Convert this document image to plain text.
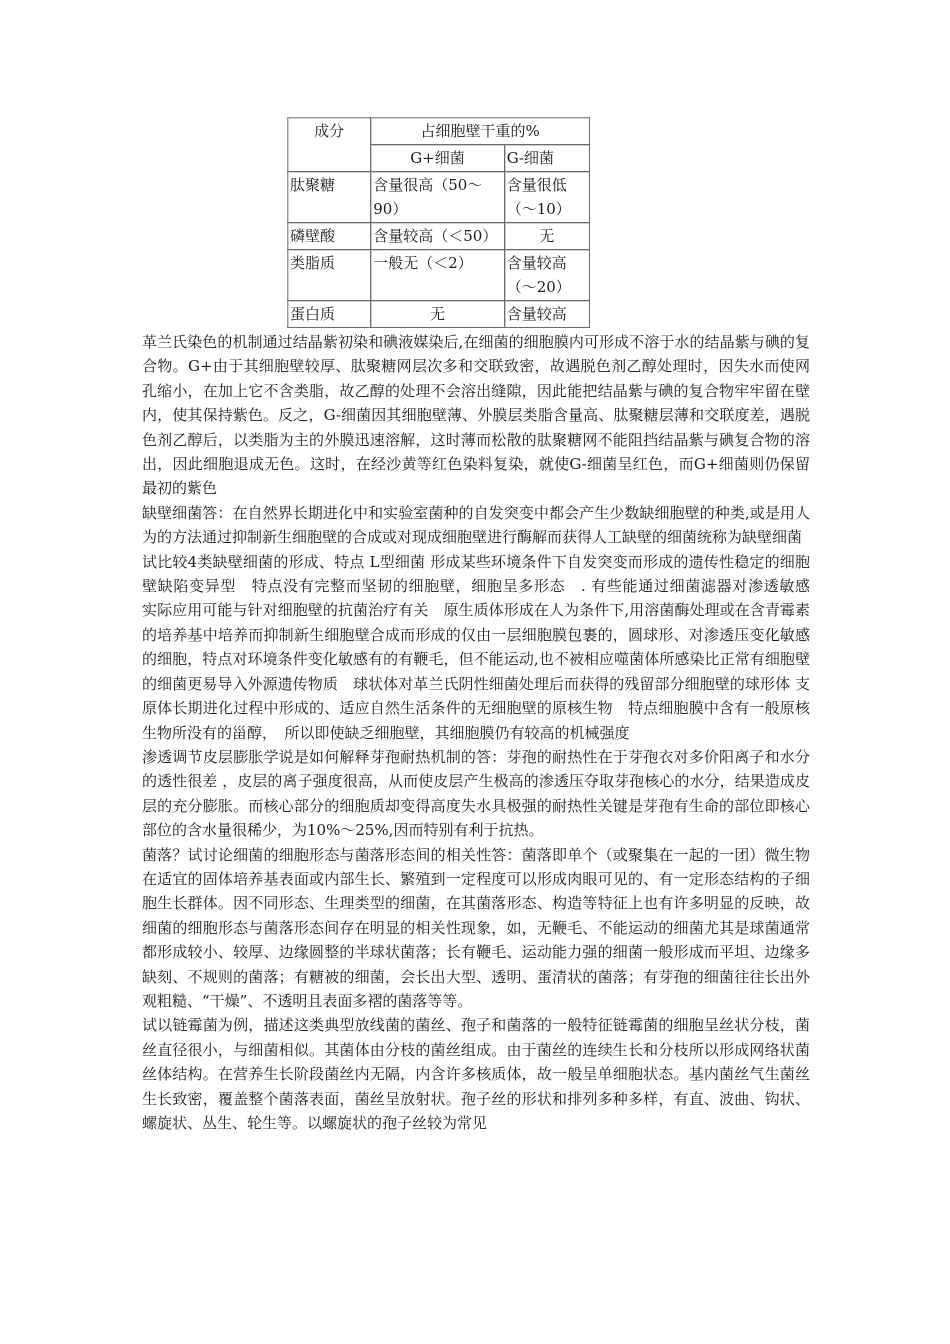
成分	占细胞壁干重的%	
	G+细菌	G-细菌
肽聚糖	含量很高（50～90）	含量很低（～10）
磷壁酸	含量较高（＜50）	无
类脂质	一般无（＜2）	含量较高（～20）
蛋白质	无	含量较高

革兰氏染色的机制通过结晶紫初染和碘液媒染后,在细菌的细胞膜内可形成不溶于水的结晶紫与碘的复合物。G+由于其细胞壁较厚、肽聚糖网层次多和交联致密，故遇脱色剂乙醇处理时，因失水而使网孔缩小，在加上它不含类脂，故乙醇的处理不会溶出缝隙，因此能把结晶紫与碘的复合物牢牢留在壁内，使其保持紫色。反之，G-细菌因其细胞壁薄、外膜层类脂含量高、肽聚糖层薄和交联度差，遇脱色剂乙醇后，以类脂为主的外膜迅速溶解，这时薄而松散的肽聚糖网不能阻挡结晶紫与碘复合物的溶出，因此细胞退成无色。这时，在经沙黄等红色染料复染，就使G-细菌呈红色，而G+细菌则仍保留最初的紫色

缺壁细菌答：在自然界长期进化中和实验室菌种的自发突变中都会产生少数缺细胞壁的种类,或是用人为的方法通过抑制新生细胞壁的合成或对现成细胞壁进行酶解而获得人工缺壁的细菌统称为缺壁细菌

试比较4类缺壁细菌的形成、特点 L型细菌 形成某些环境条件下自发突变而形成的遗传性稳定的细胞壁缺陷变异型　特点没有完整而坚韧的细胞壁，细胞呈多形态　. 有些能通过细菌滤器对渗透敏感　实际应用可能与针对细胞壁的抗菌治疗有关　原生质体形成在人为条件下,用溶菌酶处理或在含青霉素的培养基中培养而抑制新生细胞壁合成而形成的仅由一层细胞膜包裹的，圆球形、对渗透压变化敏感的细胞，特点对环境条件变化敏感有的有鞭毛，但不能运动,也不被相应噬菌体所感染比正常有细胞壁的细菌更易导入外源遗传物质　球状体对革兰氏阴性细菌处理后而获得的残留部分细胞壁的球形体 支原体长期进化过程中形成的、适应自然生活条件的无细胞壁的原核生物　特点细胞膜中含有一般原核生物所没有的甾醇，　所以即使缺乏细胞壁，其细胞膜仍有较高的机械强度

渗透调节皮层膨胀学说是如何解释芽孢耐热机制的答：芽孢的耐热性在于芽孢衣对多价阳离子和水分的透性很差 ，皮层的离子强度很高，从而使皮层产生极高的渗透压夺取芽孢核心的水分，结果造成皮层的充分膨胀。而核心部分的细胞质却变得高度失水具极强的耐热性关键是芽孢有生命的部位即核心部位的含水量很稀少，为10%～25%,因而特别有利于抗热。

菌落？试讨论细菌的细胞形态与菌落形态间的相关性答：菌落即单个（或聚集在一起的一团）微生物在适宜的固体培养基表面或内部生长、繁殖到一定程度可以形成肉眼可见的、有一定形态结构的子细胞生长群体。因不同形态、生理类型的细菌，在其菌落形态、构造等特征上也有许多明显的反映，故细菌的细胞形态与菌落形态间存在明显的相关性现象，如，无鞭毛、不能运动的细菌尤其是球菌通常都形成较小、较厚、边缘圆整的半球状菌落；长有鞭毛、运动能力强的细菌一般形成而平坦、边缘多缺刻、不规则的菌落；有糖被的细菌，会长出大型、透明、蛋清状的菌落；有芽孢的细菌往往长出外观粗糙、“干燥”、不透明且表面多褶的菌落等等。

试以链霉菌为例，描述这类典型放线菌的菌丝、孢子和菌落的一般特征链霉菌的细胞呈丝状分枝，菌丝直径很小，与细菌相似。其菌体由分枝的菌丝组成。由于菌丝的连续生长和分枝所以形成网络状菌丝体结构。在营养生长阶段菌丝内无隔，内含许多核质体，故一般呈单细胞状态。基内菌丝气生菌丝生长致密，覆盖整个菌落表面，菌丝呈放射状。孢子丝的形状和排列多种多样，有直、波曲、钩状、螺旋状、丛生、轮生等。以螺旋状的孢子丝较为常见
